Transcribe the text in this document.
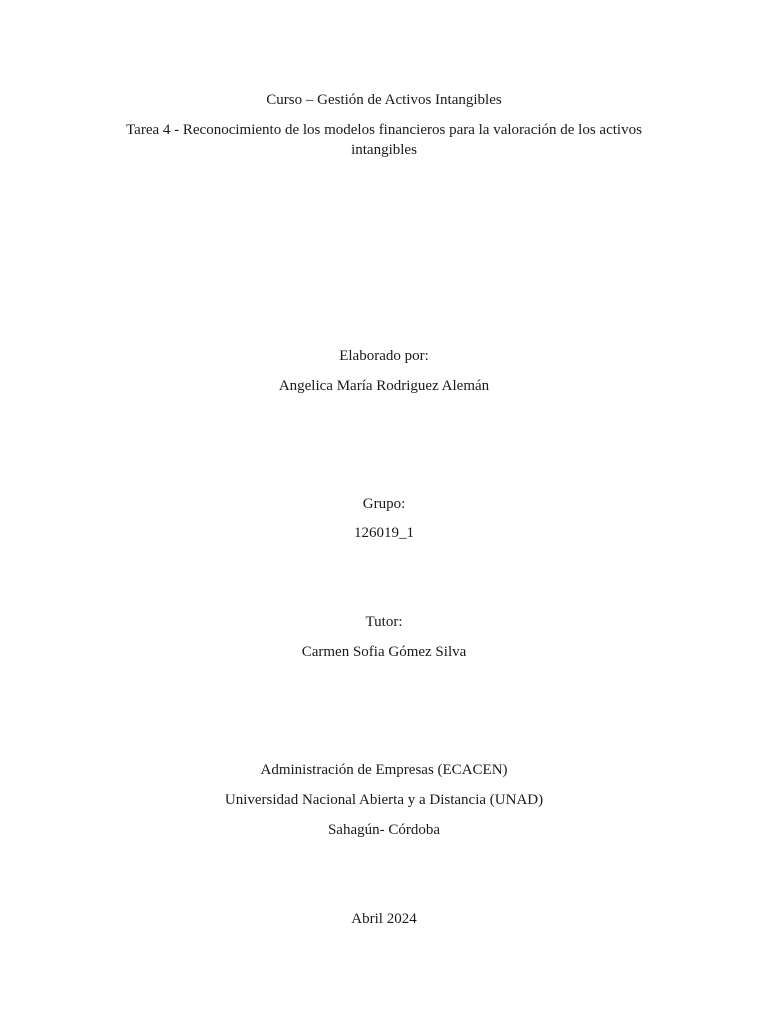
Curso – Gestión de Activos Intangibles
Tarea 4 - Reconocimiento de los modelos financieros para la valoración de los activos intangibles
Elaborado por:
Angelica María Rodriguez Alemán
Grupo:
126019_1
Tutor:
Carmen Sofia Gómez Silva
Administración de Empresas (ECACEN)
Universidad Nacional Abierta y a Distancia (UNAD)
Sahagún- Córdoba
Abril 2024
